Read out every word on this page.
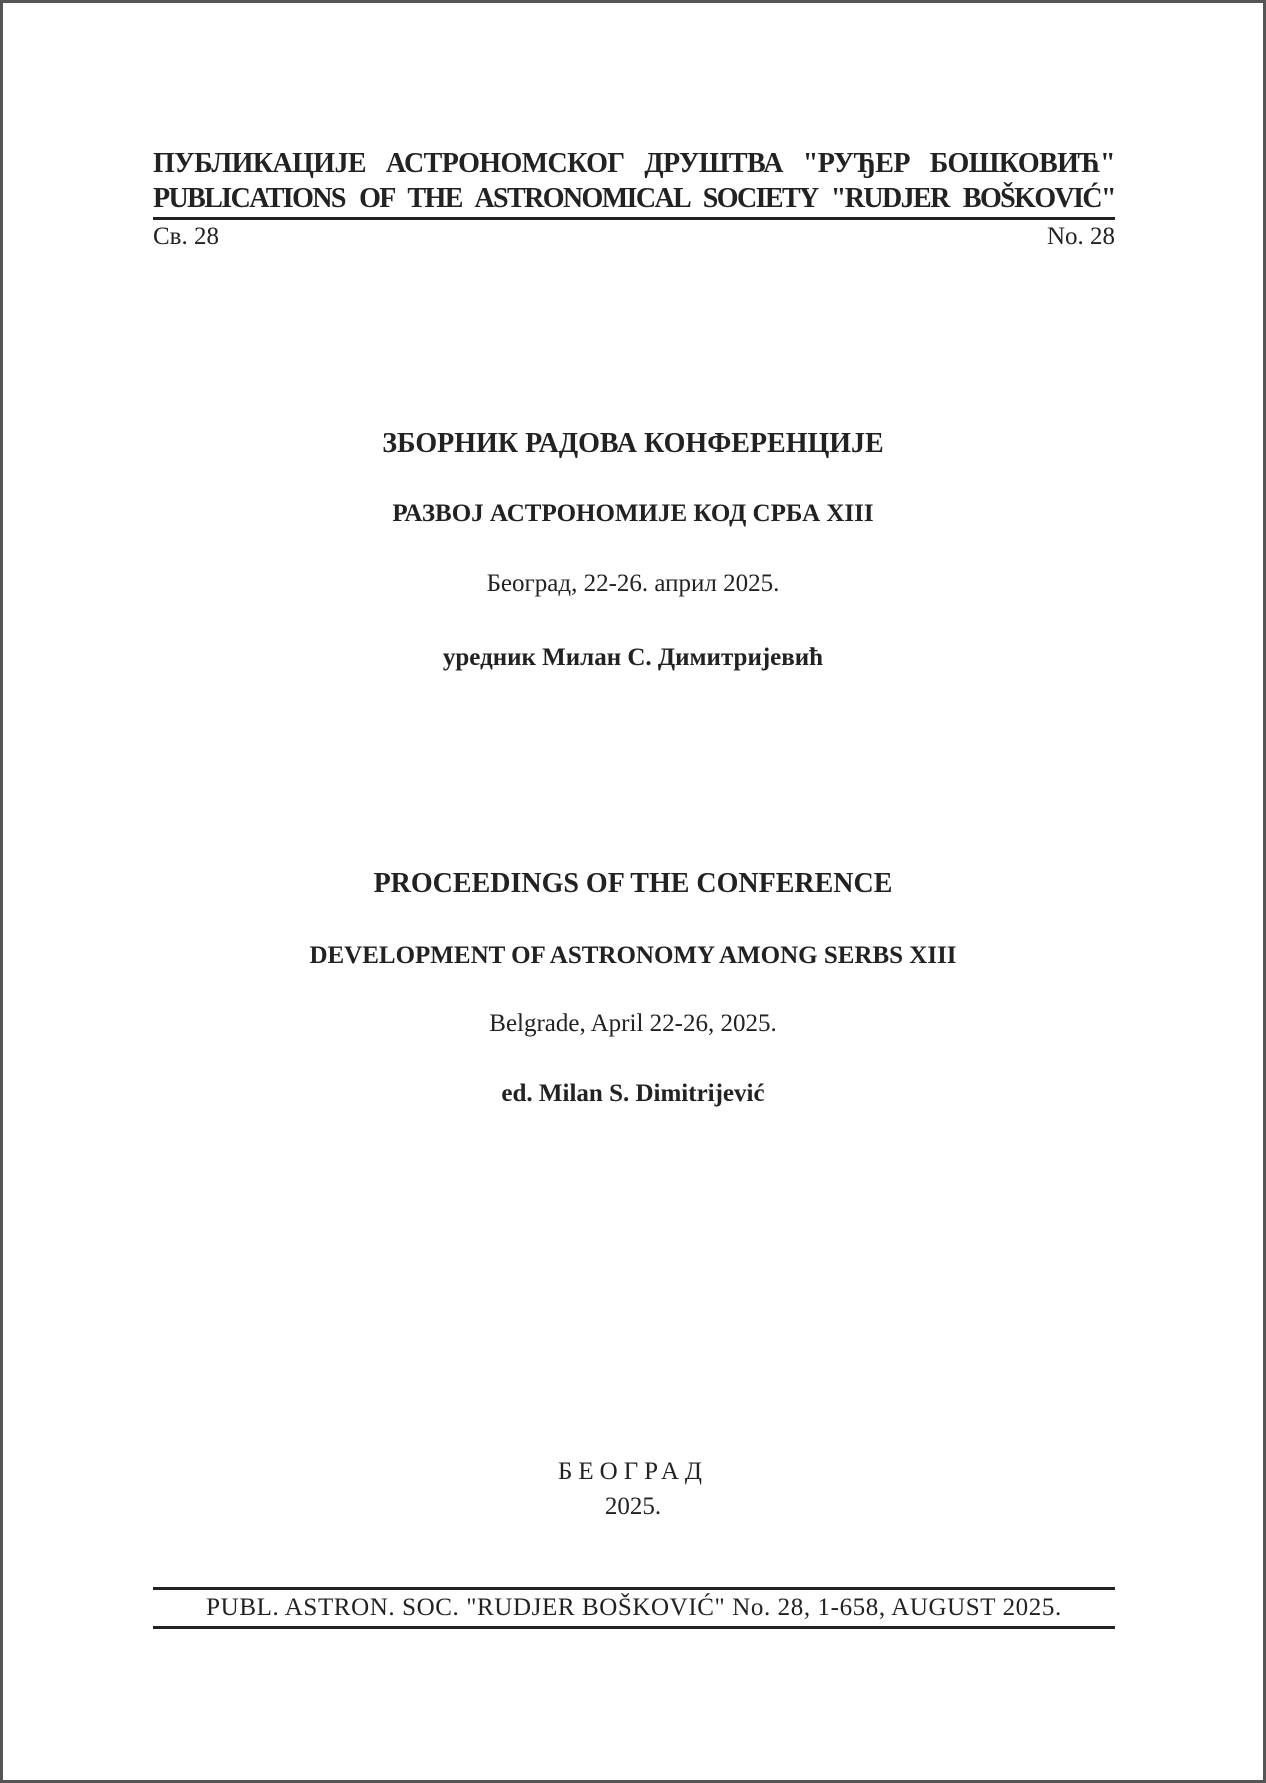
ПУБЛИКАЦИЈЕ АСТРОНОМСКОГ ДРУШТВА "РУЂЕР БОШКОВИЋ"
PUBLICATIONS OF THE ASTRONOMICAL SOCIETY "RUDJER BOŠKOVIĆ"
Св. 28	No. 28
ЗБОРНИК РАДОВА КОНФЕРЕНЦИЈЕ
РАЗВОЈ АСТРОНОМИЈЕ КОД СРБА XIII
Београд, 22-26. април 2025.
уредник Милан С. Димитријевић
PROCEEDINGS OF THE CONFERENCE
DEVELOPMENT OF ASTRONOMY AMONG SERBS XIII
Belgrade, April 22-26, 2025.
ed. Milan S. Dimitrijević
БЕОГРАД
2025.
PUBL. ASTRON. SOC. "RUDJER BOŠKOVIĆ" No. 28, 1-658, AUGUST 2025.
